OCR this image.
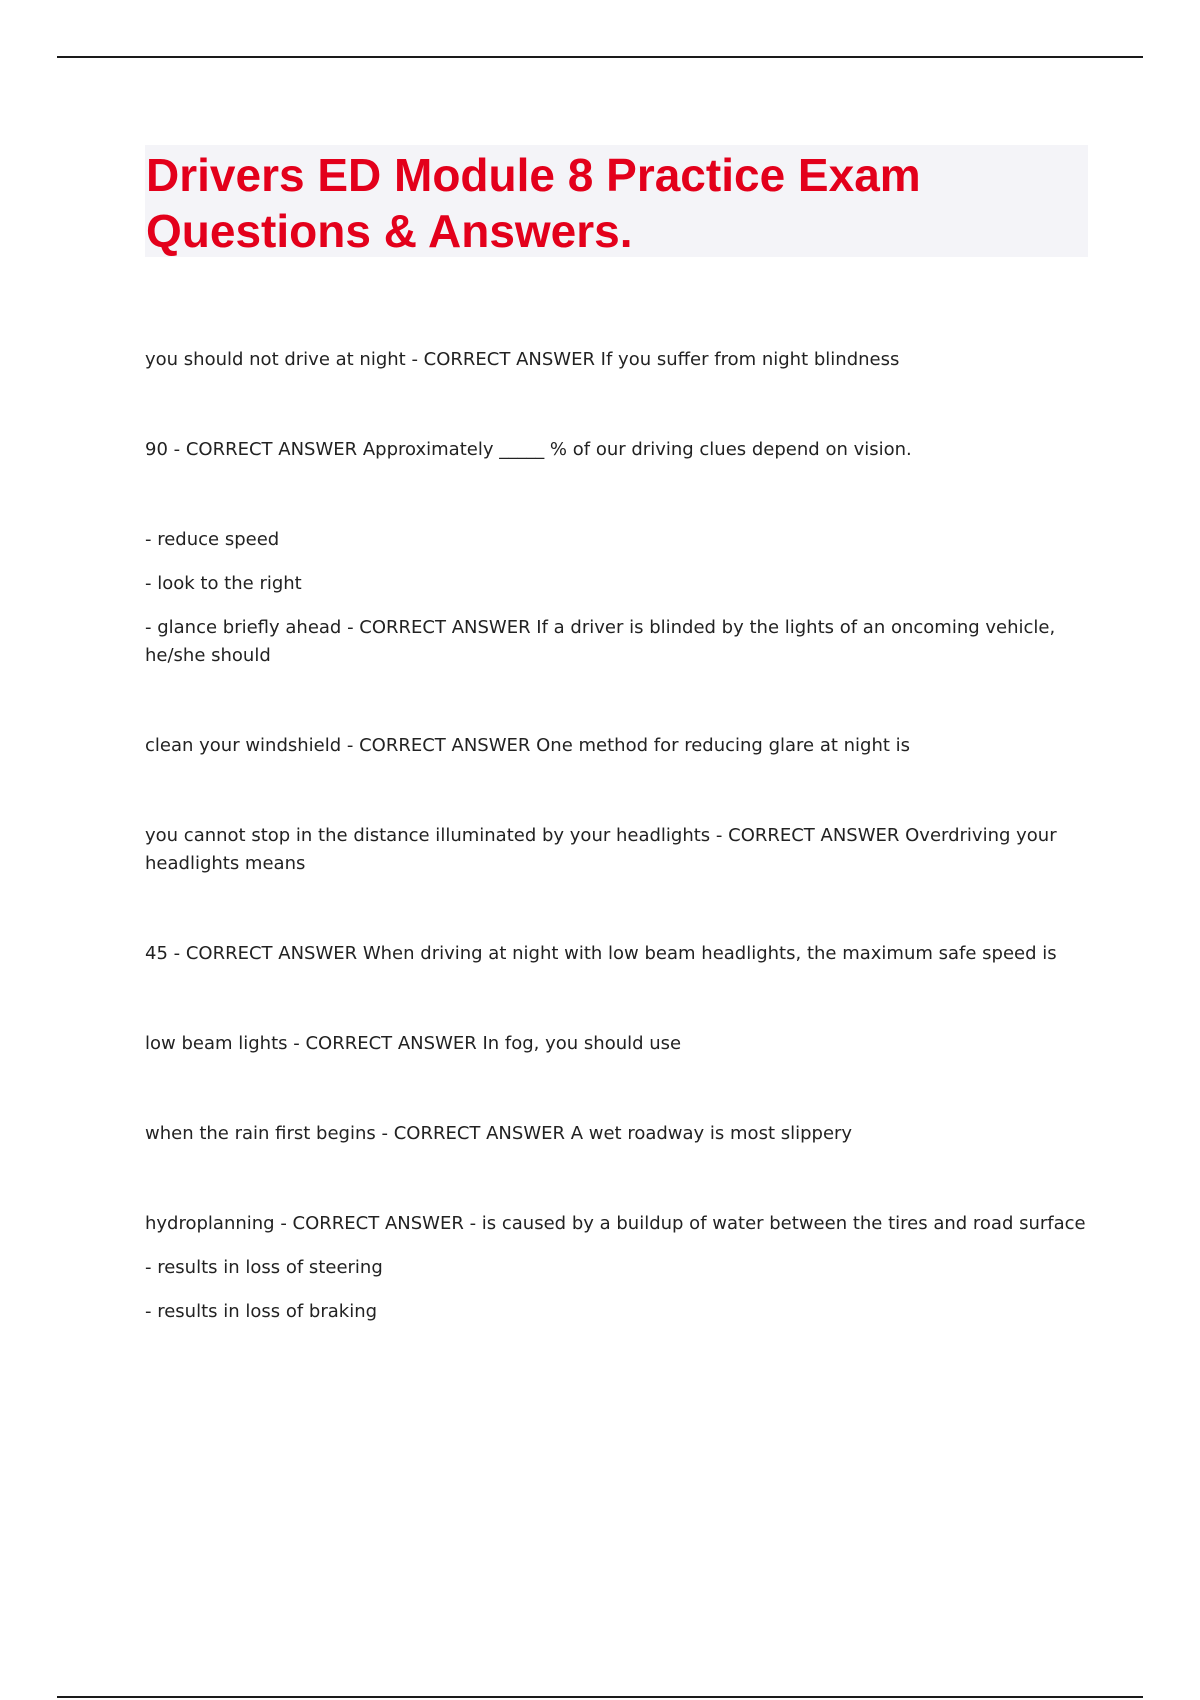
Drivers ED Module 8 Practice Exam Questions & Answers.

you should not drive at night - CORRECT ANSWER If you suffer from night blindness

90 - CORRECT ANSWER Approximately _____ % of our driving clues depend on vision.

- reduce speed

- look to the right

- glance briefly ahead - CORRECT ANSWER If a driver is blinded by the lights of an oncoming vehicle, he/she should

clean your windshield - CORRECT ANSWER One method for reducing glare at night is

you cannot stop in the distance illuminated by your headlights - CORRECT ANSWER Overdriving your headlights means

45 - CORRECT ANSWER When driving at night with low beam headlights, the maximum safe speed is

low beam lights - CORRECT ANSWER In fog, you should use

when the rain first begins - CORRECT ANSWER A wet roadway is most slippery

hydroplanning - CORRECT ANSWER - is caused by a buildup of water between the tires and road surface

- results in loss of steering

- results in loss of braking
